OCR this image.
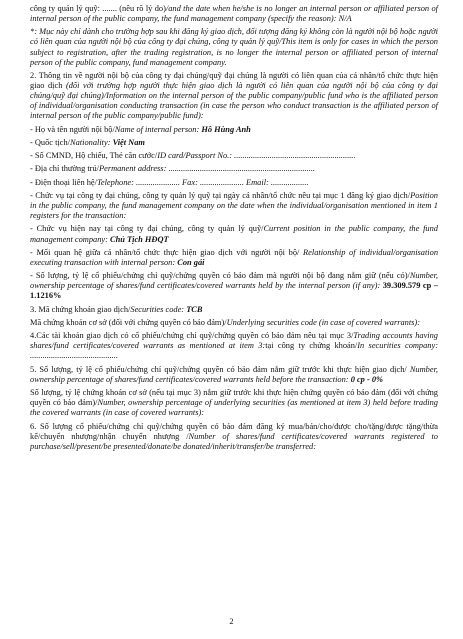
công ty quản lý quỹ: ....... (nêu rõ lý do)/and the date when he/she is no longer an internal person or affiliated person of internal person of the public company, the fund management company (specify the reason): N/A

*: Mục này chỉ dành cho trường hợp sau khi đăng ký giao dịch, đối tượng đăng ký không còn là người nội bộ hoặc người có liên quan của người nội bộ của công ty đại chúng, công ty quản lý quỹ/This item is only for cases in which the person subject to registration, after the trading registration, is no longer the internal person or affiliated person of internal person of the public company, fund management company.

2. Thông tin về người nội bộ của công ty đại chúng/quỹ đại chúng là người có liên quan của cá nhân/tổ chức thực hiện giao dịch (đối với trường hợp người thực hiện giao dịch là người có liên quan của người nội bộ của công ty đại chúng/quỹ đại chúng)/Information on the internal person of the public company/public fund who is the affiliated person of individual/organisation conducting transaction (in case the person who conduct transaction is the affiliated person of internal person of the public company/public fund):

- Họ và tên người nội bộ/Name of internal person: Hồ Hùng Anh

- Quốc tịch/Nationality: Việt Nam

- Số CMND, Hộ chiếu, Thẻ căn cước/ID card/Passport No.: ..........................................................

- Địa chỉ thường trú/Permanent address: ......................................................................

- Điện thoại liên hệ/Telephone: ..................... Fax: ..................... Email: ..................

- Chức vụ tại công ty đại chúng, công ty quản lý quỹ tại ngày cá nhân/tổ chức nêu tại mục 1 đăng ký giao dịch/Position in the public company, the fund management company on the date when the individual/organisation mentioned in item 1 registers for the transaction:

- Chức vụ hiện nay tại công ty đại chúng, công ty quản lý quỹ/Current position in the public company, the fund management company: Chủ Tịch HĐQT

- Mối quan hệ giữa cá nhân/tổ chức thực hiện giao dịch với người nội bộ/ Relationship of individual/organisation executing transaction with internal person: Con gái

- Số lượng, tỷ lệ cổ phiếu/chứng chỉ quỹ/chứng quyền có bảo đảm mà người nội bộ đang nắm giữ (nếu có)/Number, ownership percentage of shares/fund certificates/covered warrants held by the internal person (if any): 39.309.579 cp – 1.1216%

3. Mã chứng khoán giao dịch/Securities code: TCB

Mã chứng khoán cơ sở (đối với chứng quyền có bảo đảm)/Underlying securities code (in case of covered warrants):

4.Các tài khoản giao dịch có cổ phiếu/chứng chỉ quỹ/chứng quyền có bảo đảm nêu tại mục 3/Trading accounts having shares/fund certificates/covered warrants as mentioned at item 3:tại công ty chứng khoán/In securities company: ..........................................

5. Số lượng, tỷ lệ cổ phiếu/chứng chỉ quỹ/chứng quyền có bảo đảm nắm giữ trước khi thực hiện giao dịch/ Number, ownership percentage of shares/fund certificates/covered warrants held before the transaction: 0 cp - 0%

Số lượng, tỷ lệ chứng khoán cơ sở (nếu tại mục 3) nắm giữ trước khi thực hiện chứng quyền có bảo đảm (đối với chứng quyền có bảo đảm)/Number, ownership percentage of underlying securities (as mentioned at item 3) held before trading the covered warrants (in case of covered warrants):

6. Số lượng cổ phiếu/chứng chỉ quỹ/chứng quyền có bảo đảm đăng ký mua/bán/cho/được cho/tặng/được tặng/thừa kế/chuyển nhượng/nhận chuyển nhượng /Number of shares/fund certificates/covered warrants registered to purchase/sell/present/be presented/donate/be donated/inherit/transfer/be transferred:

2
